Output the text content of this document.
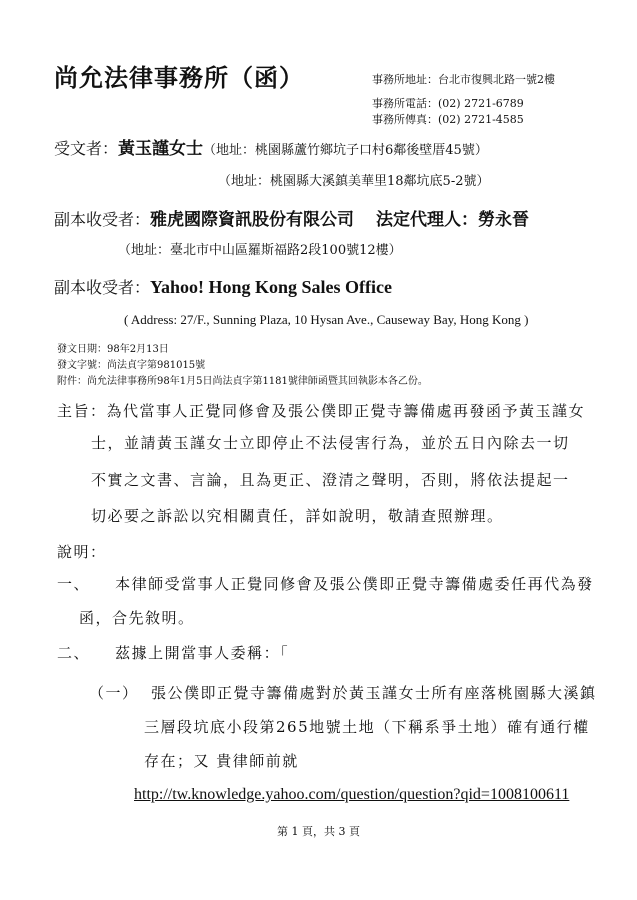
尚允法律事務所（函）	事務所地址：台北市復興北路一號2樓
事務所電話：(02) 2721-6789
事務所傳真：(02) 2721-4585
受文者：黃玉謹女士（地址：桃園縣蘆竹鄉坑子口村6鄰後壁厝45號）
（地址：桃園縣大溪鎮美華里18鄰坑底5-2號）
副本收受者：雅虎國際資訊股份有限公司 法定代理人：勞永晉
（地址：臺北市中山區羅斯福路2段100號12樓）
副本收受者：Yahoo! Hong Kong Sales Office
( Address: 27/F., Sunning Plaza, 10 Hysan Ave., Causeway Bay, Hong Kong )
發文日期：98年2月13日
發文字號：尚法貞字第981015號
附件：尚允法律事務所98年1月5日尚法貞字第1181號律師函暨其回執影本各乙份。
主旨：為代當事人正覺同修會及張公僕即正覺寺籌備處再發函予黃玉謹女
士，並請黃玉謹女士立即停止不法侵害行為，並於五日內除去一切
不實之文書、言論，且為更正、澄清之聲明，否則，將依法提起一
切必要之訴訟以究相關責任，詳如說明，敬請查照辦理。
說明：
一、    本律師受當事人正覺同修會及張公僕即正覺寺籌備處委任再代為發
函，合先敘明。
二、    茲據上開當事人委稱：「
（一）  張公僕即正覺寺籌備處對於黃玉謹女士所有座落桃園縣大溪鎮
三層段坑底小段第265地號土地（下稱系爭土地）確有通行權
存在；又 貴律師前就
http://tw.knowledge.yahoo.com/question/question?qid=1008100611
第 1 頁，共 3 頁
